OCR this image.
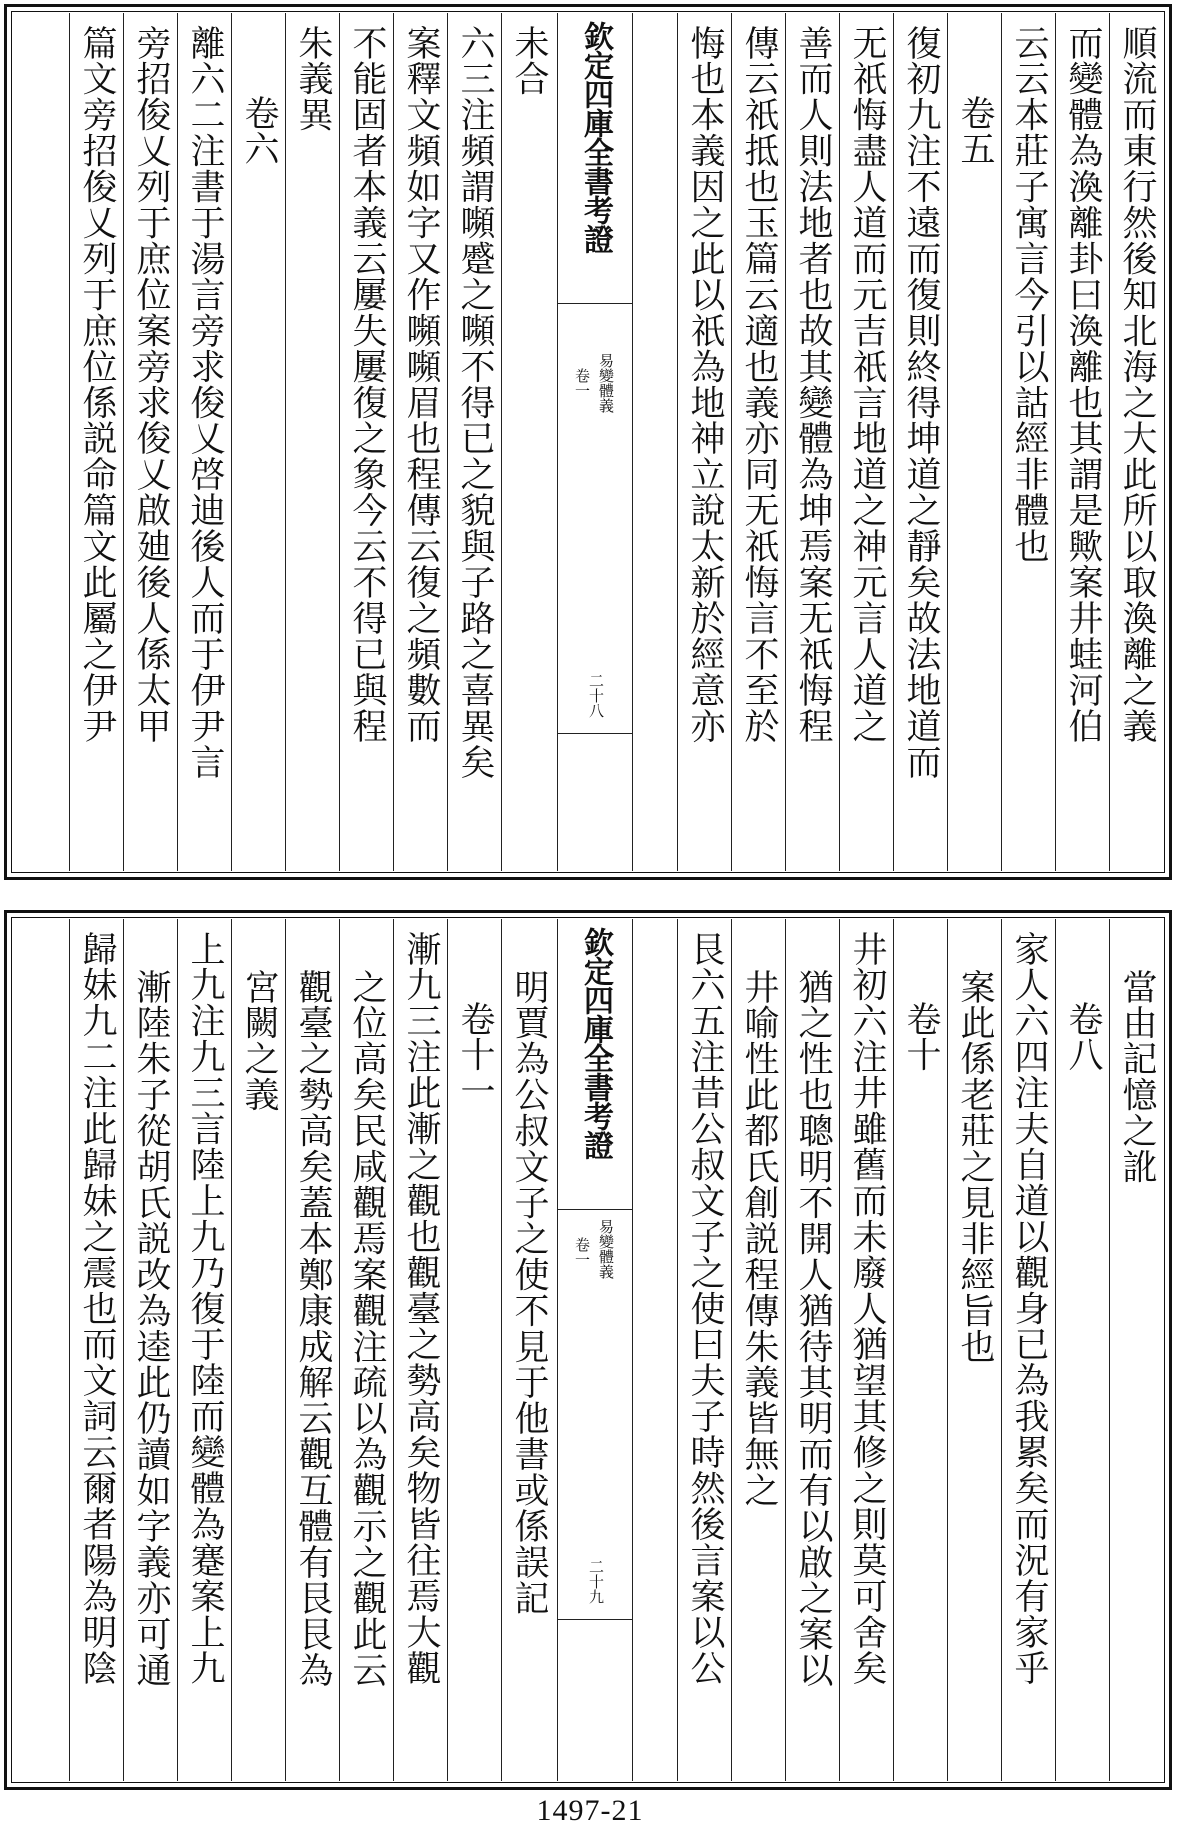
順流而東行然後知北海之大此所以取渙離之義
而變體為渙離卦曰渙離也其謂是歟案井蛙河伯
云云本莊子寓言今引以詁經非體也
卷五
復初九注不遠而復則終得坤道之靜矣故法地道而
无祇悔盡人道而元吉祇言地道之神元言人道之
善而人則法地者也故其變體為坤焉案无祇悔程
傳云祇抵也玉篇云適也義亦同无祇悔言不至於
悔也本義因之此以祇為地神立說太新於經意亦
欽定四庫全書考證
易變體義
卷一
二十八
未合
六三注頻謂嚬蹙之嚬不得已之貌與子路之喜異矣
案釋文頻如字又作嚬嚬眉也程傳云復之頻數而
不能固者本義云屢失屢復之象今云不得已與程
朱義異
卷六
離六二注書于湯言旁求俊乂啓迪後人而于伊尹言
旁招俊乂列于庶位案旁求俊乂啟廸後人係太甲
篇文旁招俊乂列于庶位係説命篇文此屬之伊尹
當由記憶之訛
卷八
家人六四注夫自道以觀身已為我累矣而況有家乎
案此係老莊之見非經旨也
卷十
井初六注井雖舊而未廢人猶望其修之則莫可舍矣
猶之性也聰明不開人猶待其明而有以啟之案以
井喻性此都氏創説程傳朱義皆無之
艮六五注昔公叔文子之使曰夫子時然後言案以公
欽定四庫全書考證
易變體義
卷一
二十九
明賈為公叔文子之使不見于他書或係誤記
卷十一
漸九三注此漸之觀也觀臺之勢高矣物皆往焉大觀
之位高矣民咸觀焉案觀注疏以為觀示之觀此云
觀臺之勢高矣蓋本鄭康成解云觀互體有艮艮為
宮闕之義
上九注九三言陸上九乃復于陸而變體為蹇案上九
漸陸朱子從胡氏説改為逵此仍讀如字義亦可通
歸妹九二注此歸妹之震也而文詞云爾者陽為明陰
1497-21
